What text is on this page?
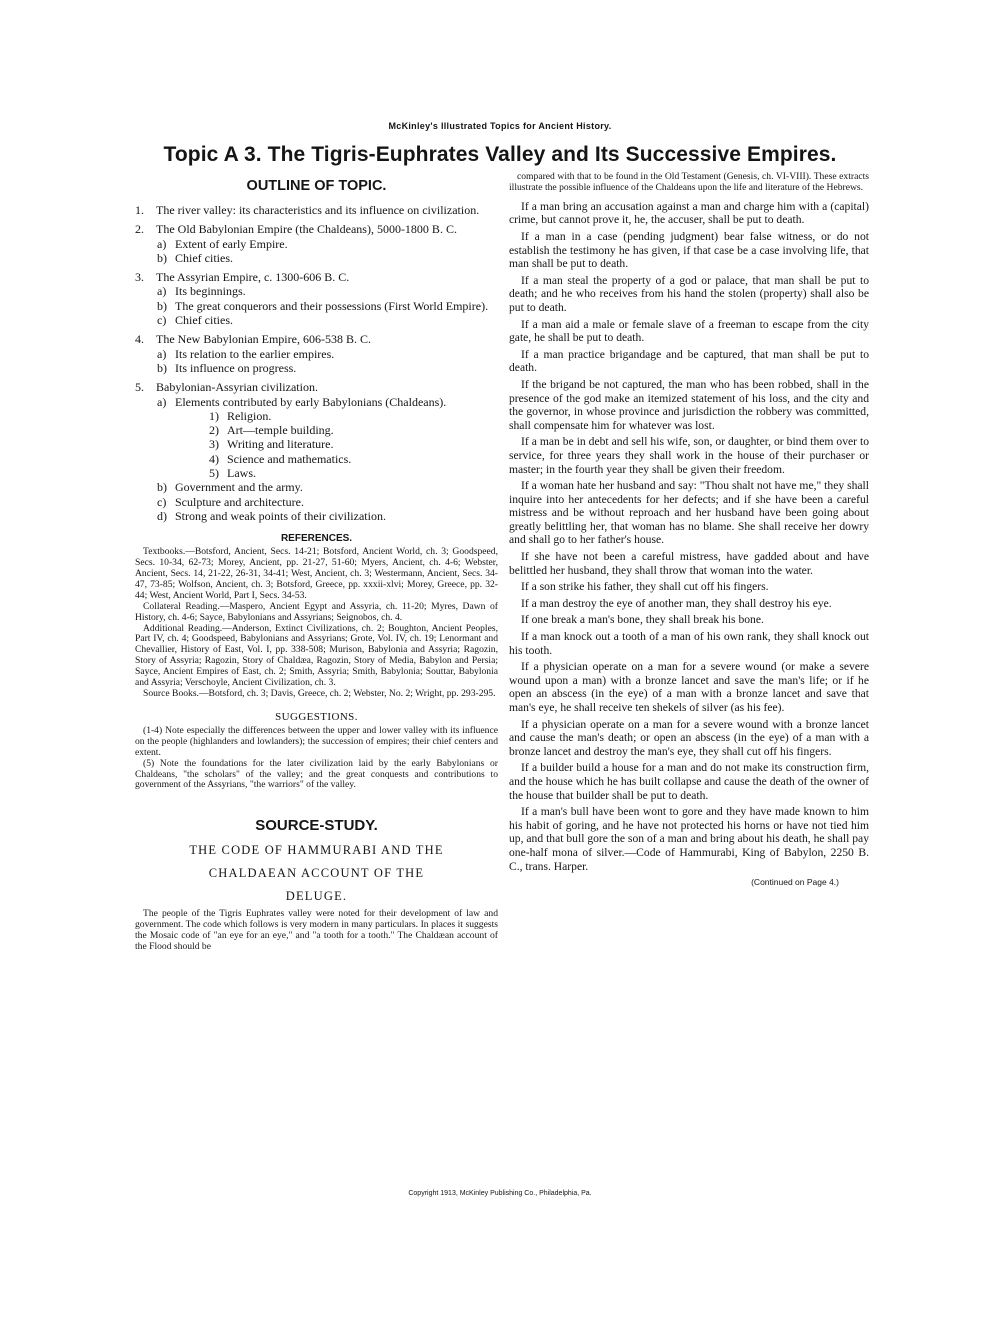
McKinley's Illustrated Topics for Ancient History.
Topic A 3. The Tigris-Euphrates Valley and Its Successive Empires.
OUTLINE OF TOPIC.
1.	The river valley: its characteristics and its influence on civilization.
2.	The Old Babylonian Empire (the Chaldeans), 5000-1800 B. C.
a) Extent of early Empire.
b) Chief cities.
3.	The Assyrian Empire, c. 1300-606 B. C.
a) Its beginnings.
b) The great conquerors and their possessions (First World Empire).
c) Chief cities.
4.	The New Babylonian Empire, 606-538 B. C.
a) Its relation to the earlier empires.
b) Its influence on progress.
5.	Babylonian-Assyrian civilization.
a) Elements contributed by early Babylonians (Chaldeans).
1) Religion.
2) Art—temple building.
3) Writing and literature.
4) Science and mathematics.
5) Laws.
b) Government and the army.
c) Sculpture and architecture.
d) Strong and weak points of their civilization.
REFERENCES.

Textbooks.—Botsford, Ancient, Secs. 14-21; Botsford, Ancient World, ch. 3; Goodspeed, Secs. 10-34, 62-73; Morey, Ancient, pp. 21-27, 51-60; Myers, Ancient, ch. 4-6; Webster, Ancient, Secs. 14, 21-22, 26-31, 34-41; West, Ancient, ch. 3; Westermann, Ancient, Secs. 34-47, 73-85; Wolfson, Ancient, ch. 3; Botsford, Greece, pp. xxxii-xlvi; Morey, Greece, pp. 32-44; West, Ancient World, Part I, Secs. 34-53.

Collateral Reading.—Maspero, Ancient Egypt and Assyria, ch. 11-20; Myres, Dawn of History, ch. 4-6; Sayce, Babylonians and Assyrians; Seignobos, ch. 4.

Additional Reading.—Anderson, Extinct Civilizations, ch. 2; Boughton, Ancient Peoples, Part IV, ch. 4; Goodspeed, Babylonians and Assyrians; Grote, Vol. IV, ch. 19; Lenormant and Chevallier, History of East, Vol. I, pp. 338-508; Murison, Babylonia and Assyria; Ragozin, Story of Assyria; Ragozin, Story of Chaldæa, Ragozin, Story of Media, Babylon and Persia; Sayce, Ancient Empires of East, ch. 2; Smith, Assyria; Smith, Babylonia; Souttar, Babylonia and Assyria; Verschoyle, Ancient Civilization, ch. 3.

Source Books.—Botsford, ch. 3; Davis, Greece, ch. 2; Webster, No. 2; Wright, pp. 293-295.

SUGGESTIONS.

(1-4) Note especially the differences between the upper and lower valley with its influence on the people (highlanders and lowlanders); the succession of empires; their chief centers and extent.

(5) Note the foundations for the later civilization laid by the early Babylonians or Chaldeans, "the scholars" of the valley; and the great conquests and contributions to government of the Assyrians, "the warriors" of the valley.

SOURCE-STUDY.
THE CODE OF HAMMURABI AND THE
CHALDAEAN ACCOUNT OF THE
DELUGE.

The people of the Tigris Euphrates valley were noted for their development of law and government. The code which follows is very modern in many particulars. In places it suggests the Mosaic code of "an eye for an eye," and "a tooth for a tooth." The Chaldæan account of the Flood should be

compared with that to be found in the Old Testament (Genesis, ch. VI-VIII). These extracts illustrate the possible influence of the Chaldeans upon the life and literature of the Hebrews.

If a man bring an accusation against a man and charge him with a (capital) crime, but cannot prove it, he, the accuser, shall be put to death.

If a man in a case (pending judgment) bear false witness, or do not establish the testimony he has given, if that case be a case involving life, that man shall be put to death.

If a man steal the property of a god or palace, that man shall be put to death; and he who receives from his hand the stolen (property) shall also be put to death.

If a man aid a male or female slave of a freeman to escape from the city gate, he shall be put to death.

If a man practice brigandage and be captured, that man shall be put to death.

If the brigand be not captured, the man who has been robbed, shall in the presence of the god make an itemized statement of his loss, and the city and the governor, in whose province and jurisdiction the robbery was committed, shall compensate him for whatever was lost.

If a man be in debt and sell his wife, son, or daughter, or bind them over to service, for three years they shall work in the house of their purchaser or master; in the fourth year they shall be given their freedom.

If a woman hate her husband and say: "Thou shalt not have me," they shall inquire into her antecedents for her defects; and if she have been a careful mistress and be without reproach and her husband have been going about greatly belittling her, that woman has no blame. She shall receive her dowry and shall go to her father's house.

If she have not been a careful mistress, have gadded about and have belittled her husband, they shall throw that woman into the water.

If a son strike his father, they shall cut off his fingers.

If a man destroy the eye of another man, they shall destroy his eye.

If one break a man's bone, they shall break his bone.

If a man knock out a tooth of a man of his own rank, they shall knock out his tooth.

If a physician operate on a man for a severe wound (or make a severe wound upon a man) with a bronze lancet and save the man's life; or if he open an abscess (in the eye) of a man with a bronze lancet and save that man's eye, he shall receive ten shekels of silver (as his fee).

If a physician operate on a man for a severe wound with a bronze lancet and cause the man's death; or open an abscess (in the eye) of a man with a bronze lancet and destroy the man's eye, they shall cut off his fingers.

If a builder build a house for a man and do not make its construction firm, and the house which he has built collapse and cause the death of the owner of the house that builder shall be put to death.

If a man's bull have been wont to gore and they have made known to him his habit of goring, and he have not protected his horns or have not tied him up, and that bull gore the son of a man and bring about his death, he shall pay one-half mona of silver.—Code of Hammurabi, King of Babylon, 2250 B. C., trans. Harper.

(Continued on Page 4.)
Copyright 1913, McKinley Publishing Co., Philadelphia, Pa.
